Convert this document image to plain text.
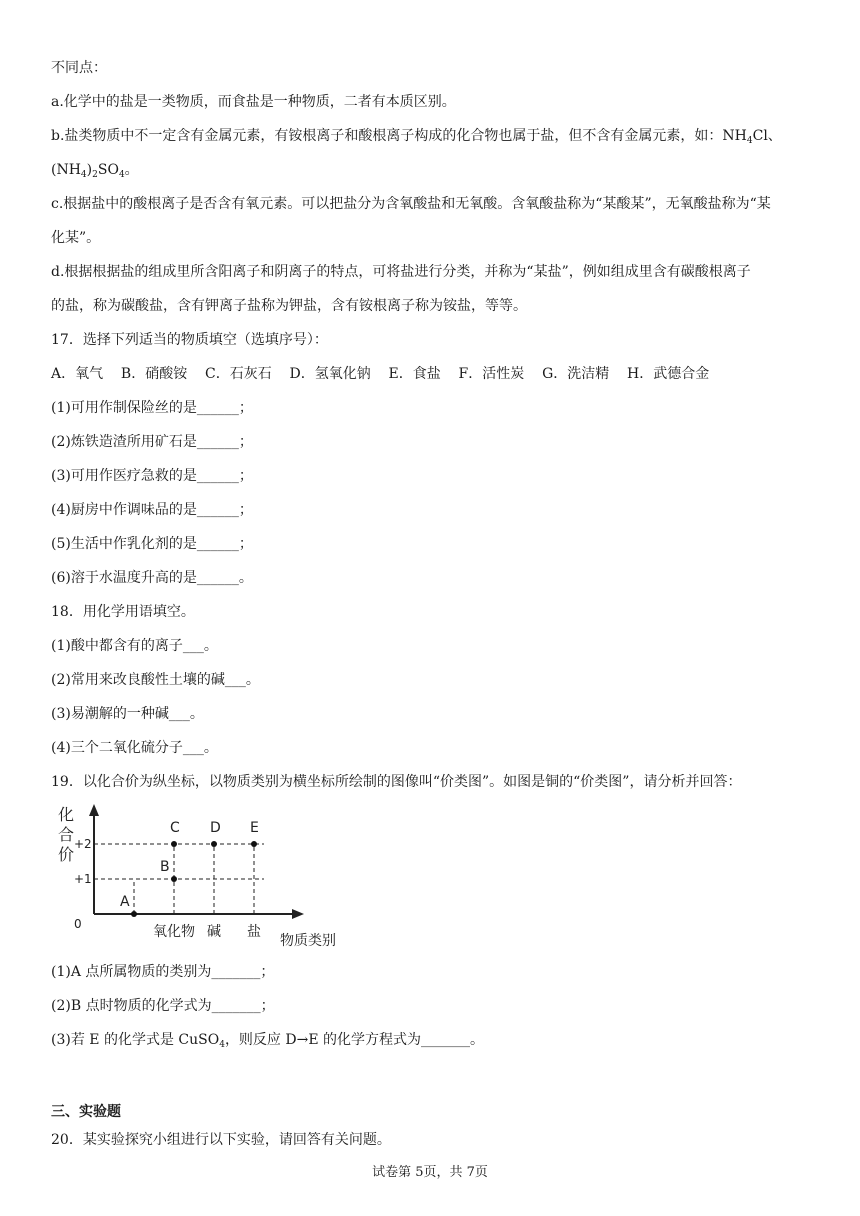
不同点：
a.化学中的盐是一类物质，而食盐是一种物质，二者有本质区别。
b.盐类物质中不一定含有金属元素，有铵根离子和酸根离子构成的化合物也属于盐，但不含有金属元素，如：$NH_4Cl$、
$(NH_4)_2SO_4$。
c.根据盐中的酸根离子是否含有氧元素。可以把盐分为含氧酸盐和无氧酸。含氧酸盐称为“某酸某”，无氧酸盐称为“某
化某”。
d.根据根据盐的组成里所含阳离子和阴离子的特点，可将盐进行分类，并称为“某盐”，例如组成里含有碳酸根离子
的盐，称为碳酸盐，含有钾离子盐称为钾盐，含有铵根离子称为铵盐，等等。
17．选择下列适当的物质填空（选填序号）：
A．氧气    B．硝酸铵    C．石灰石    D．氢氧化钠    E．食盐    F．活性炭    G．洗洁精    H．武德合金
(1)可用作制保险丝的是______；
(2)炼铁造渣所用矿石是______；
(3)可用作医疗急救的是______；
(4)厨房中作调味品的是______；
(5)生活中作乳化剂的是______；
(6)溶于水温度升高的是______。
18．用化学用语填空。
(1)酸中都含有的离子___。
(2)常用来改良酸性土壤的碱___。
(3)易潮解的一种碱___。
(4)三个二氧化硫分子___。
19．以化合价为纵坐标，以物质类别为横坐标所绘制的图像叫“价类图”。如图是铜的“价类图”，请分析并回答：
化
合
价
0
+1
+2
氧化物 碱 盐
A
B
C D E
物质类别
(1)A 点所属物质的类别为_______；
(2)B 点时物质的化学式为_______；
(3)若 E 的化学式是 CuSO$_4$，则反应 D→E 的化学方程式为_______。
三、实验题
20．某实验探究小组进行以下实验，请回答有关问题。
试卷第 5页，共 7页
